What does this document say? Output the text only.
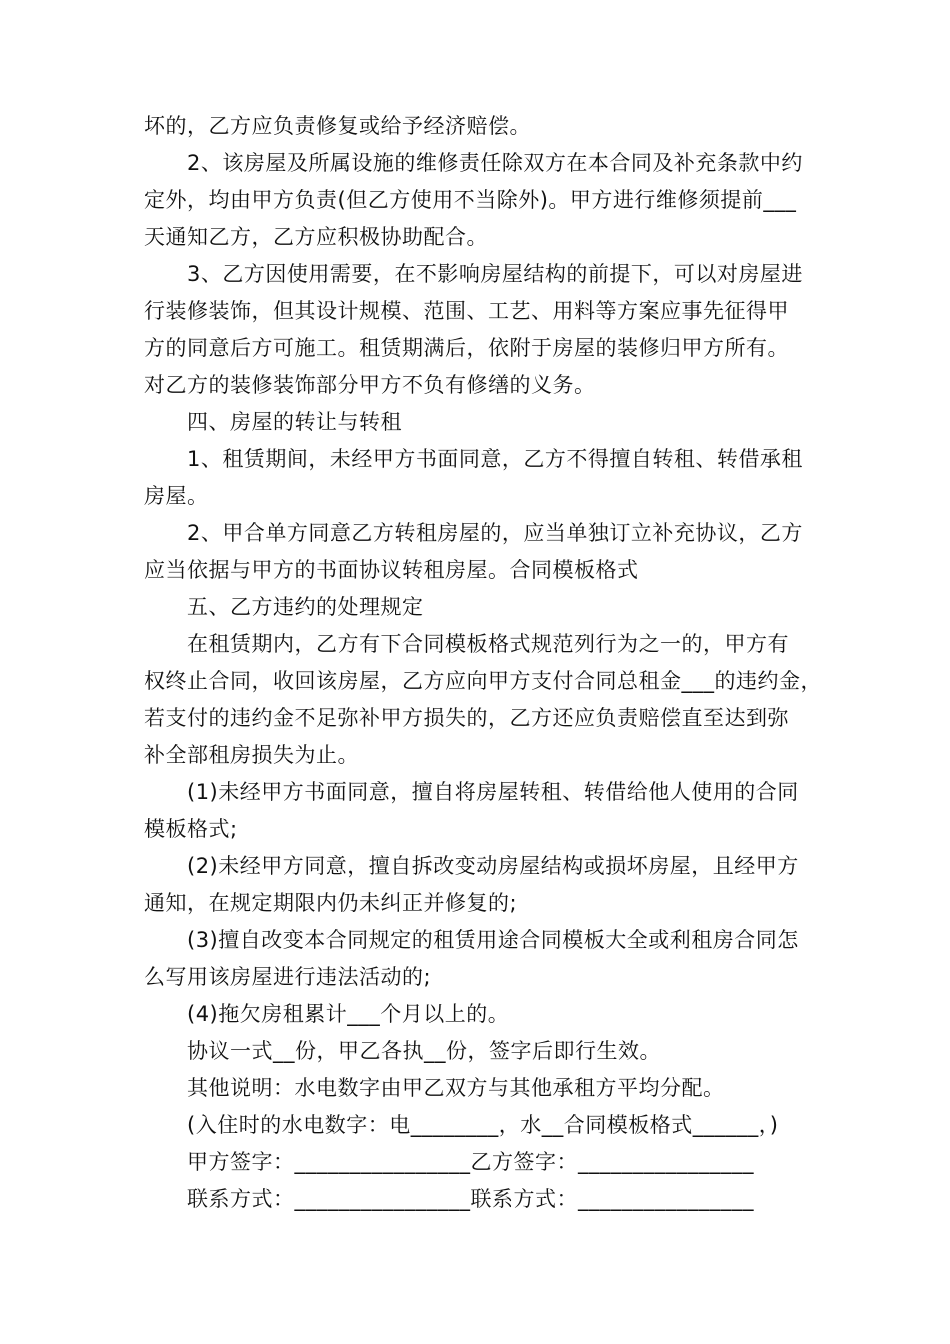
坏的，乙方应负责修复或给予经济赔偿。
2、该房屋及所属设施的维修责任除双方在本合同及补充条款中约
定外，均由甲方负责(但乙方使用不当除外)。甲方进行维修须提前___
天通知乙方，乙方应积极协助配合。
3、乙方因使用需要，在不影响房屋结构的前提下，可以对房屋进
行装修装饰，但其设计规模、范围、工艺、用料等方案应事先征得甲
方的同意后方可施工。租赁期满后，依附于房屋的装修归甲方所有。
对乙方的装修装饰部分甲方不负有修缮的义务。
四、房屋的转让与转租
1、租赁期间，未经甲方书面同意，乙方不得擅自转租、转借承租
房屋。
2、甲合单方同意乙方转租房屋的，应当单独订立补充协议，乙方
应当依据与甲方的书面协议转租房屋。合同模板格式
五、乙方违约的处理规定
在租赁期内，乙方有下合同模板格式规范列行为之一的，甲方有
权终止合同，收回该房屋，乙方应向甲方支付合同总租金___的违约金，
若支付的违约金不足弥补甲方损失的，乙方还应负责赔偿直至达到弥
补全部租房损失为止。
(1)未经甲方书面同意，擅自将房屋转租、转借给他人使用的合同
模板格式;
(2)未经甲方同意，擅自拆改变动房屋结构或损坏房屋，且经甲方
通知，在规定期限内仍未纠正并修复的;
(3)擅自改变本合同规定的租赁用途合同模板大全或利租房合同怎
么写用该房屋进行违法活动的;
(4)拖欠房租累计___个月以上的。
协议一式__份，甲乙各执__份，签字后即行生效。
其他说明：水电数字由甲乙双方与其他承租方平均分配。
(入住时的水电数字：电________，水__合同模板格式______，)
甲方签字：________________乙方签字：________________
联系方式：________________联系方式：________________
